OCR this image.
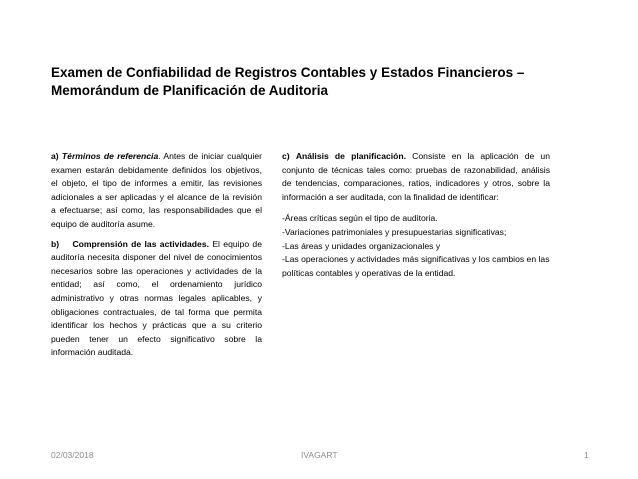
Examen de Confiabilidad de Registros Contables y Estados Financieros –
Memorándum de Planificación de Auditoria

a) Términos de referencia. Antes de iniciar cualquier examen estarán debidamente definidos los objetivos, el objeto, el tipo de informes a emitir, las revisiones adicionales a ser aplicadas y el alcance de la revisión a efectuarse; así como, las responsabilidades que el equipo de auditoría asume.

b) Comprensión de las actividades. El equipo de auditoría necesita disponer del nivel de conocimientos necesarios sobre las operaciones y actividades de la entidad; así como, el ordenamiento jurídico administrativo y otras normas legales aplicables, y obligaciones contractuales, de tal forma que permita identificar los hechos y prácticas que a su criterio pueden tener un efecto significativo sobre la información auditada.

c) Análisis de planificación. Consiste en la aplicación de un conjunto de técnicas tales como: pruebas de razonabilidad, análisis de tendencias, comparaciones, ratios, indicadores y otros, sobre la información a ser auditada, con la finalidad de identificar:

-Áreas críticas según el tipo de auditoria.
-Variaciones patrimoniales y presupuestarias significativas;
-Las áreas y unidades organizacionales y
-Las operaciones y actividades más significativas y los cambios en las políticas contables y operativas de la entidad.
02/03/2018	IVAGART	1
